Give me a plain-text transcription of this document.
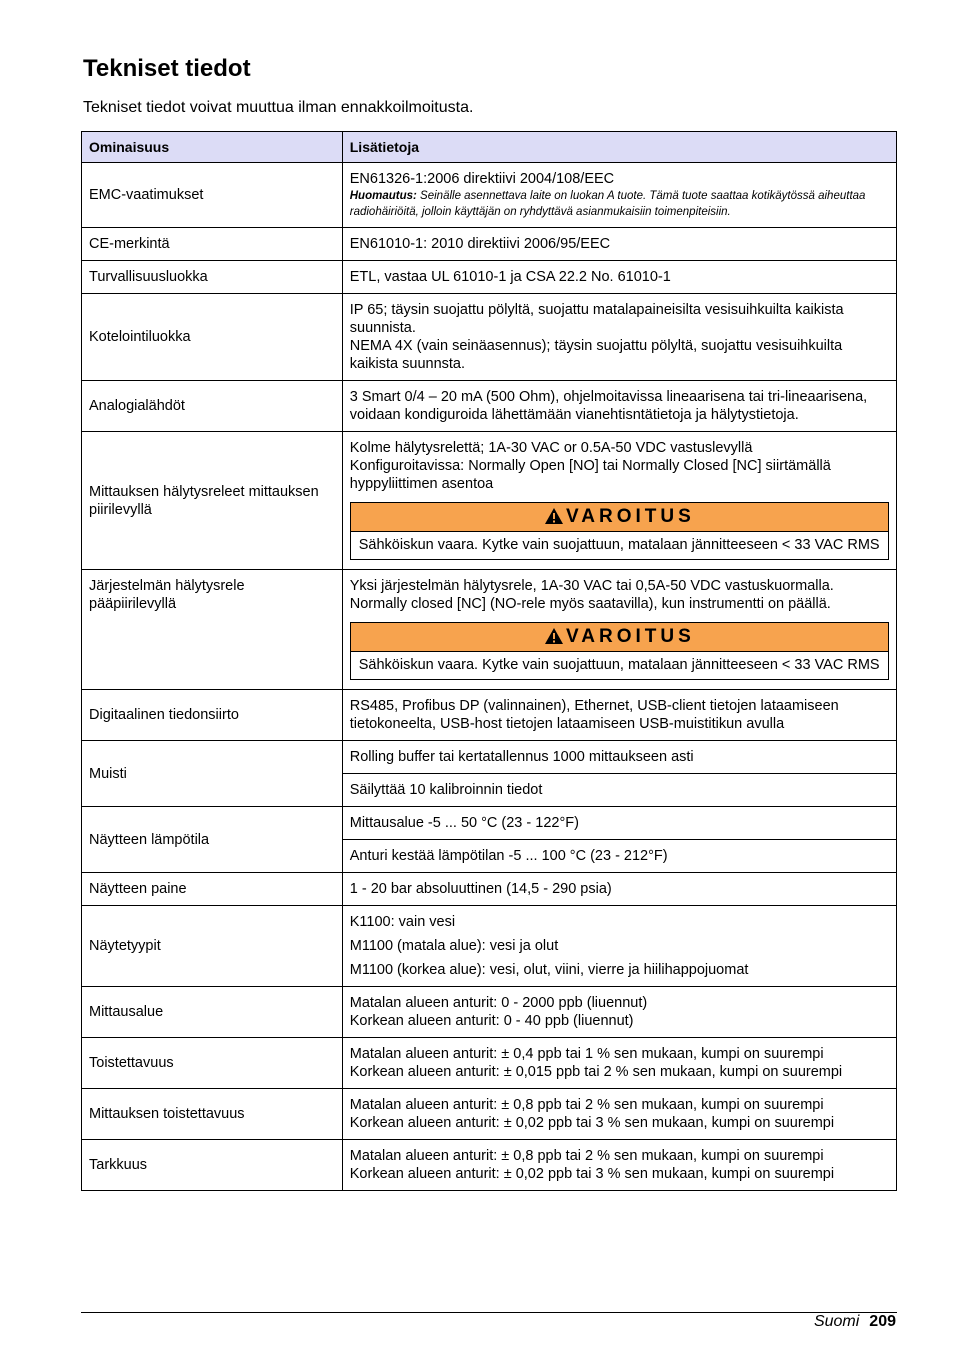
Tekniset tiedot

Tekniset tiedot voivat muuttua ilman ennakkoilmoitusta.

Ominaisuus	Lisätietoja
EMC-vaatimukset	EN61326-1:2006 direktiivi 2004/108/EEC
Huomautus: Seinälle asennettava laite on luokan A tuote. Tämä tuote saattaa kotikäytössä aiheuttaa radiohäiriöitä, jolloin käyttäjän on ryhdyttävä asianmukaisiin toimenpiteisiin.

CE-merkintä	EN61010-1: 2010 direktiivi 2006/95/EEC
Turvallisuusluokka	ETL, vastaa UL 61010-1 ja CSA 22.2 No. 61010-1
Kotelointiluokka	IP 65; täysin suojattu pölyltä, suojattu matalapaineisilta vesisuihkuilta kaikista suunnista.
NEMA 4X (vain seinäasennus); täysin suojattu pölyltä, suojattu vesisuihkuilta kaikista suunnsta.

Analogialähdöt	3 Smart 0/4 – 20 mA (500 Ohm), ohjelmoitavissa lineaarisena tai tri-lineaarisena, voidaan kondiguroida lähettämään vianehtisntätietoja ja hälytystietoja.
Mittauksen hälytysreleet mittauksen piirilevyllä	Kolme hälytysrelettä; 1A-30 VAC or 0.5A-50 VDC vastuslevyllä
Konfiguroitavissa: Normally Open [NO] tai Normally Closed [NC] siirtämällä hyppyliittimen asentoa
VAROITUS
Sähköiskun vaara. Kytke vain suojattuun, matalaan jännitteeseen < 33 VAC RMS

Järjestelmän hälytysrele pääpiirilevyllä	Yksi järjestelmän hälytysrele, 1A-30 VAC tai 0,5A-50 VDC vastuskuormalla. Normally closed [NC] (NO-rele myös saatavilla), kun instrumentti on päällä.
VAROITUS
Sähköiskun vaara. Kytke vain suojattuun, matalaan jännitteeseen < 33 VAC RMS

Digitaalinen tiedonsiirto	RS485, Profibus DP (valinnainen), Ethernet, USB-client tietojen lataamiseen tietokoneelta, USB-host tietojen lataamiseen USB-muistitikun avulla
Muisti	Rolling buffer tai kertatallennus 1000 mittaukseen asti
	Säilyttää 10 kalibroinnin tiedot
Näytteen lämpötila	Mittausalue -5 ... 50 °C (23 - 122°F)
	Anturi kestää lämpötilan -5 ... 100 °C (23 - 212°F)
Näytteen paine	1 - 20 bar absoluuttinen (14,5 - 290 psia)
Näytetyypit	K1100: vain vesi
M1100 (matala alue): vesi ja olut
M1100 (korkea alue): vesi, olut, viini, vierre ja hiilihappojuomat

Mittausalue	Matalan alueen anturit: 0 - 2000 ppb (liuennut)
Korkean alueen anturit: 0 - 40 ppb (liuennut)

Toistettavuus	Matalan alueen anturit: ± 0,4 ppb tai 1 % sen mukaan, kumpi on suurempi
Korkean alueen anturit: ± 0,015 ppb tai 2 % sen mukaan, kumpi on suurempi

Mittauksen toistettavuus	Matalan alueen anturit: ± 0,8 ppb tai 2 % sen mukaan, kumpi on suurempi
Korkean alueen anturit: ± 0,02 ppb tai 3 % sen mukaan, kumpi on suurempi

Tarkkuus	Matalan alueen anturit: ± 0,8 ppb tai 2 % sen mukaan, kumpi on suurempi
Korkean alueen anturit: ± 0,02 ppb tai 3 % sen mukaan, kumpi on suurempi
Suomi 209
